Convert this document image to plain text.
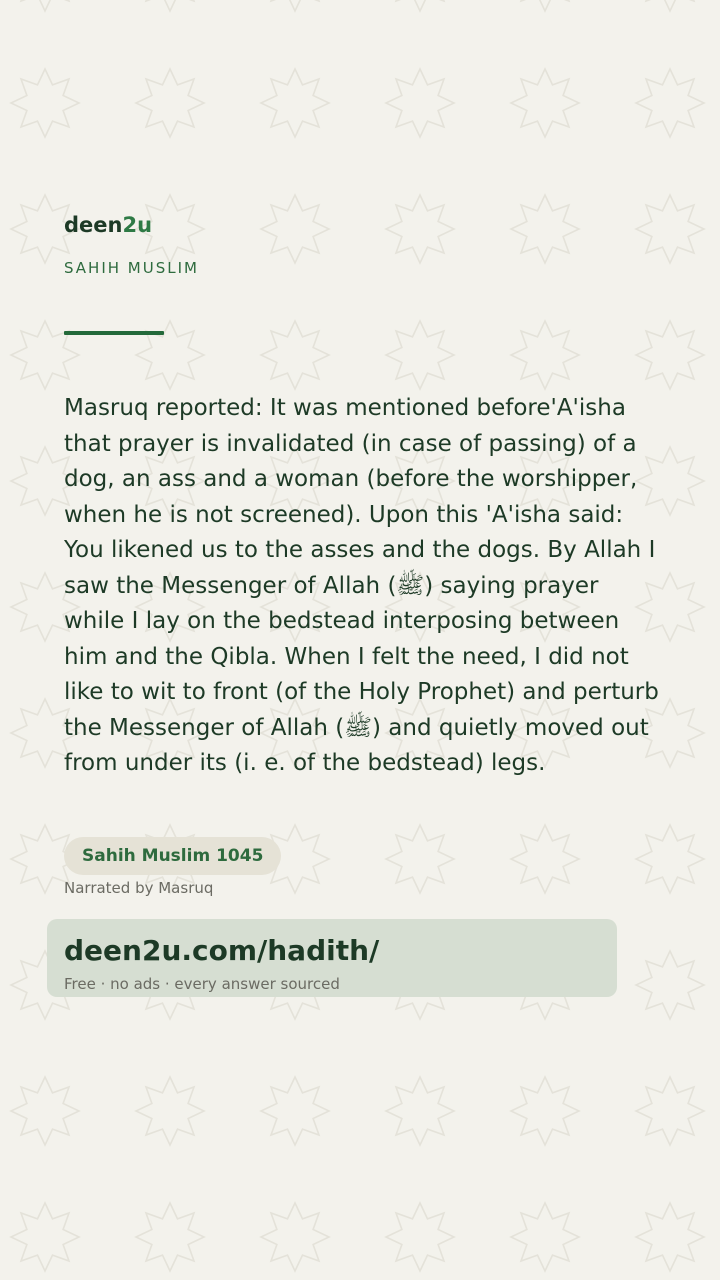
deen2u
SAHIH MUSLIM

Masruq reported: It was mentioned before'A'isha that prayer is invalidated (in case of passing) of a dog, an ass and a woman (before the worshipper, when he is not screened). Upon this 'A'isha said: You likened us to the asses and the dogs. By Allah I saw the Messenger of Allah (ﷺ) saying prayer while I lay on the bedstead interposing between him and the Qibla. When I felt the need, I did not like to wit to front (of the Holy Prophet) and perturb the Messenger of Allah (ﷺ) and quietly moved out from under its (i. e. of the bedstead) legs.

Sahih Muslim 1045
Narrated by Masruq
deen2u.com/hadith/
Free · no ads · every answer sourced
